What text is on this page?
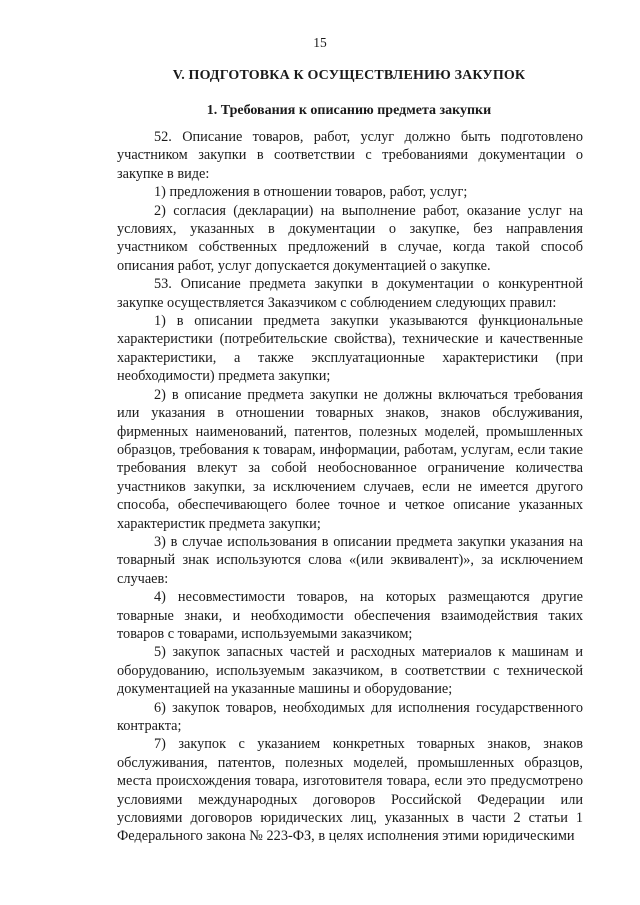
15
V. ПОДГОТОВКА К ОСУЩЕСТВЛЕНИЮ ЗАКУПОК
1. Требования к описанию предмета закупки

52. Описание товаров, работ, услуг должно быть подготовлено участником закупки в соответствии с требованиями документации о закупке в виде:

1) предложения в отношении товаров, работ, услуг;

2) согласия (декларации) на выполнение работ, оказание услуг на условиях, указанных в документации о закупке, без направления участником собственных предложений в случае, когда такой способ описания работ, услуг допускается документацией о закупке.

53. Описание предмета закупки в документации о конкурентной закупке осуществляется Заказчиком с соблюдением следующих правил:

1) в описании предмета закупки указываются функциональные характеристики (потребительские свойства), технические и качественные характеристики, а также эксплуатационные характеристики (при необходимости) предмета закупки;

2) в описание предмета закупки не должны включаться требования или указания в отношении товарных знаков, знаков обслуживания, фирменных наименований, патентов, полезных моделей, промышленных образцов, требования к товарам, информации, работам, услугам, если такие требования влекут за собой необоснованное ограничение количества участников закупки, за исключением случаев, если не имеется другого способа, обеспечивающего более точное и четкое описание указанных характеристик предмета закупки;

3) в случае использования в описании предмета закупки указания на товарный знак используются слова «(или эквивалент)», за исключением случаев:

4) несовместимости товаров, на которых размещаются другие товарные знаки, и необходимости обеспечения взаимодействия таких товаров с товарами, используемыми заказчиком;

5) закупок запасных частей и расходных материалов к машинам и оборудованию, используемым заказчиком, в соответствии с технической документацией на указанные машины и оборудование;

6) закупок товаров, необходимых для исполнения государственного контракта;

7) закупок с указанием конкретных товарных знаков, знаков обслуживания, патентов, полезных моделей, промышленных образцов, места происхождения товара, изготовителя товара, если это предусмотрено условиями международных договоров Российской Федерации или условиями договоров юридических лиц, указанных в части 2 статьи 1 Федерального закона № 223-ФЗ, в целях исполнения этими юридическими
